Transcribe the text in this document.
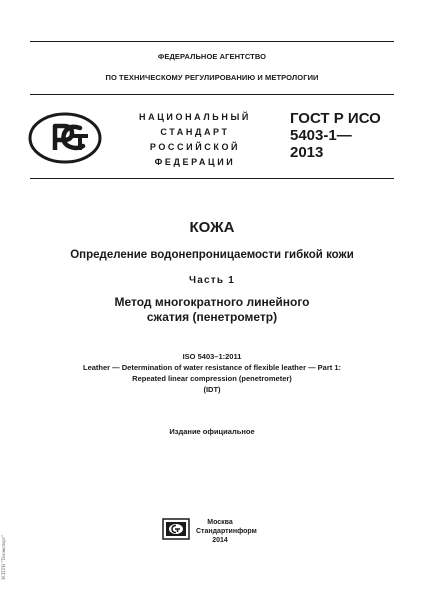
ФЕДЕРАЛЬНОЕ АГЕНТСТВО
ПО ТЕХНИЧЕСКОМУ РЕГУЛИРОВАНИЮ И МЕТРОЛОГИИ
НАЦИОНАЛЬНЫЙ
СТАНДАРТ
РОССИЙСКОЙ
ФЕДЕРАЦИИ
ГОСТ Р ИСО
5403-1—
2013
КОЖА
Определение водонепроницаемости гибкой кожи
Часть 1
Метод многократного линейного
сжатия (пенетрометр)
ISO 5403–1:2011
Leather — Determination of water resistance of flexible leather — Part 1:
Repeated linear compression (penetrometer)
(IDT)
Издание официальное
Москва
Стандартинформ
2014
ЗСПТН "Техэксперт"
